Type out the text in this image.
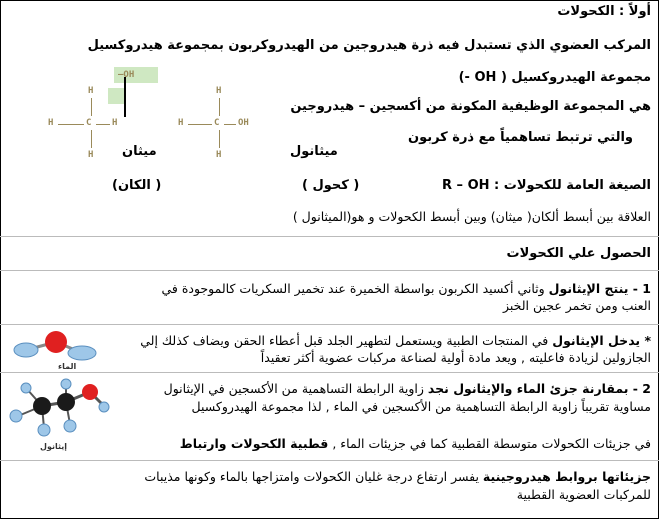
أولاً : الكحولات
المركب العضوي الذي تستبدل فيه ذرة هيدروجين من الهيدروكربون بمجموعة هيدروكسيل
مجموعة الهيدروكسيل ( OH -)
هي المجموعة الوظيفية المكونة من أكسجين – هيدروجين
والتي ترتبط تساهمياً مع ذرة كربون
–OH
H
H	C H
H
H
H	C OH
H
ميثان	ميثانول
الصيغة العامة للكحولات : R – OH
( كحول )
( الكان)
العلاقة بين أبسط ألكان( ميثان) وبين أبسط الكحولات و هو(الميثانول )
الحصول علي الكحولات
1 - ينتج الإيثانول وثاني أكسيد الكربون بواسطة الخميرة عند تخمير السكريات كالموجودة في
العنب ومن تخمر عجين الخبز
* يدخل الإيثانول في المنتجات الطبية ويستعمل لتطهير الجلد قبل أعطاء الحقن ويضاف كذلك إلي
الجازولين لزيادة فاعليته , ويعد مادة أولية لصناعة مركبات عضوية أكثر تعقيداً
2 - بمقارنة جزئ الماء والإيثانول نجد زاوية الرابطة التساهمية من الأكسجين في الإيثانول
مساوية تقريباً زاوية الرابطة التساهمية من الأكسجين في الماء , لذا مجموعة الهيدروكسيل
في جزيئات الكحولات متوسطة القطبية كما في جزيئات الماء , قطبية الكحولات وارتباط
جزيئاتها بروابط هيدروجينية يفسر ارتفاع درجة غليان الكحولات وامتزاجها بالماء وكونها مذيبات
للمركبات العضوية القطبية
الماء
إيثانول
